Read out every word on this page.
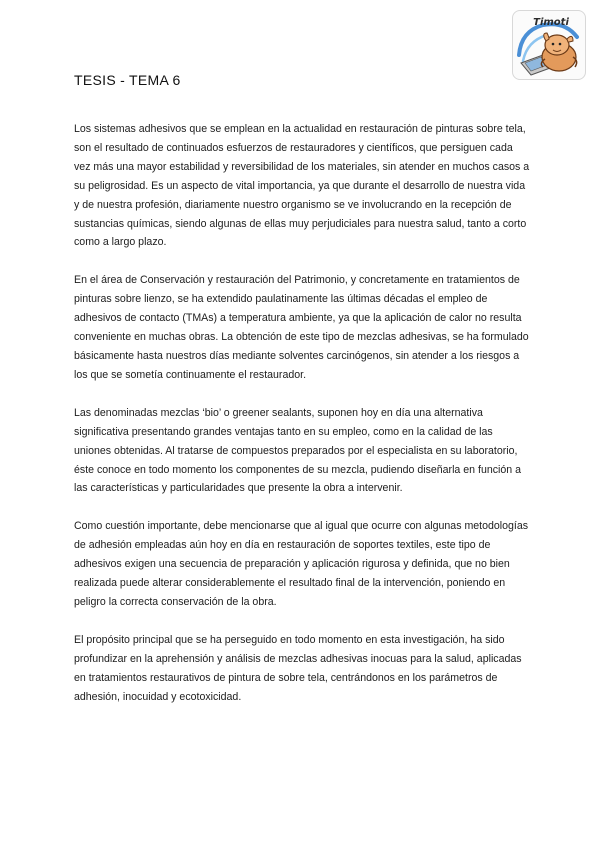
Timoti
TESIS - TEMA 6

Los sistemas adhesivos que se emplean en la actualidad en restauración de pinturas sobre tela, son el resultado de continuados esfuerzos de restauradores y científicos, que persiguen cada vez más una mayor estabilidad y reversibilidad de los materiales, sin atender en muchos casos a su peligrosidad. Es un aspecto de vital importancia, ya que durante el desarrollo de nuestra vida y de nuestra profesión, diariamente nuestro organismo se ve involucrando en la recepción de sustancias químicas, siendo algunas de ellas muy perjudiciales para nuestra salud, tanto a corto como a largo plazo.

En el área de Conservación y restauración del Patrimonio, y concretamente en tratamientos de pinturas sobre lienzo, se ha extendido paulatinamente las últimas décadas el empleo de adhesivos de contacto (TMAs) a temperatura ambiente, ya que la aplicación de calor no resulta conveniente en muchas obras. La obtención de este tipo de mezclas adhesivas, se ha formulado básicamente hasta nuestros días mediante solventes carcinógenos, sin atender a los riesgos a los que se sometía continuamente el restaurador.

Las denominadas mezclas ‘bio’ o greener sealants, suponen hoy en día una alternativa significativa presentando grandes ventajas tanto en su empleo, como en la calidad de las uniones obtenidas. Al tratarse de compuestos preparados por el especialista en su laboratorio, éste conoce en todo momento los componentes de su mezcla, pudiendo diseñarla en función a las características y particularidades que presente la obra a intervenir.

Como cuestión importante, debe mencionarse que al igual que ocurre con algunas metodologías de adhesión empleadas aún hoy en día en restauración de soportes textiles, este tipo de adhesivos exigen una secuencia de preparación y aplicación rigurosa y definida, que no bien realizada puede alterar considerablemente el resultado final de la intervención, poniendo en peligro la correcta conservación de la obra.

El propósito principal que se ha perseguido en todo momento en esta investigación, ha sido profundizar en la aprehensión y análisis de mezclas adhesivas inocuas para la salud, aplicadas en tratamientos restaurativos de pintura de sobre tela, centrándonos en los parámetros de adhesión, inocuidad y ecotoxicidad.
